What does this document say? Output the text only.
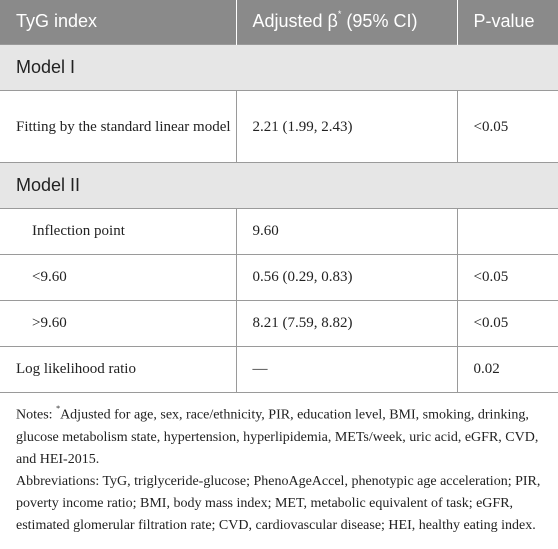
TyG index	Adjusted β* (95% CI)	P-value
Model I		
Fitting by the standard linear model	2.21 (1.99, 2.43)	<0.05
Model II		
Inflection point	9.60	
<9.60	0.56 (0.29, 0.83)	<0.05
>9.60	8.21 (7.59, 8.82)	<0.05
Log likelihood ratio	—	0.02

Notes: *Adjusted for age, sex, race/ethnicity, PIR, education level, BMI, smoking, drinking, glucose metabolism state, hypertension, hyperlipidemia, METs/week, uric acid, eGFR, CVD, and HEI-2015.

Abbreviations: TyG, triglyceride-glucose; PhenoAgeAccel, phenotypic age acceleration; PIR, poverty income ratio; BMI, body mass index; MET, metabolic equivalent of task; eGFR, estimated glomerular filtration rate; CVD, cardiovascular disease; HEI, healthy eating index.
